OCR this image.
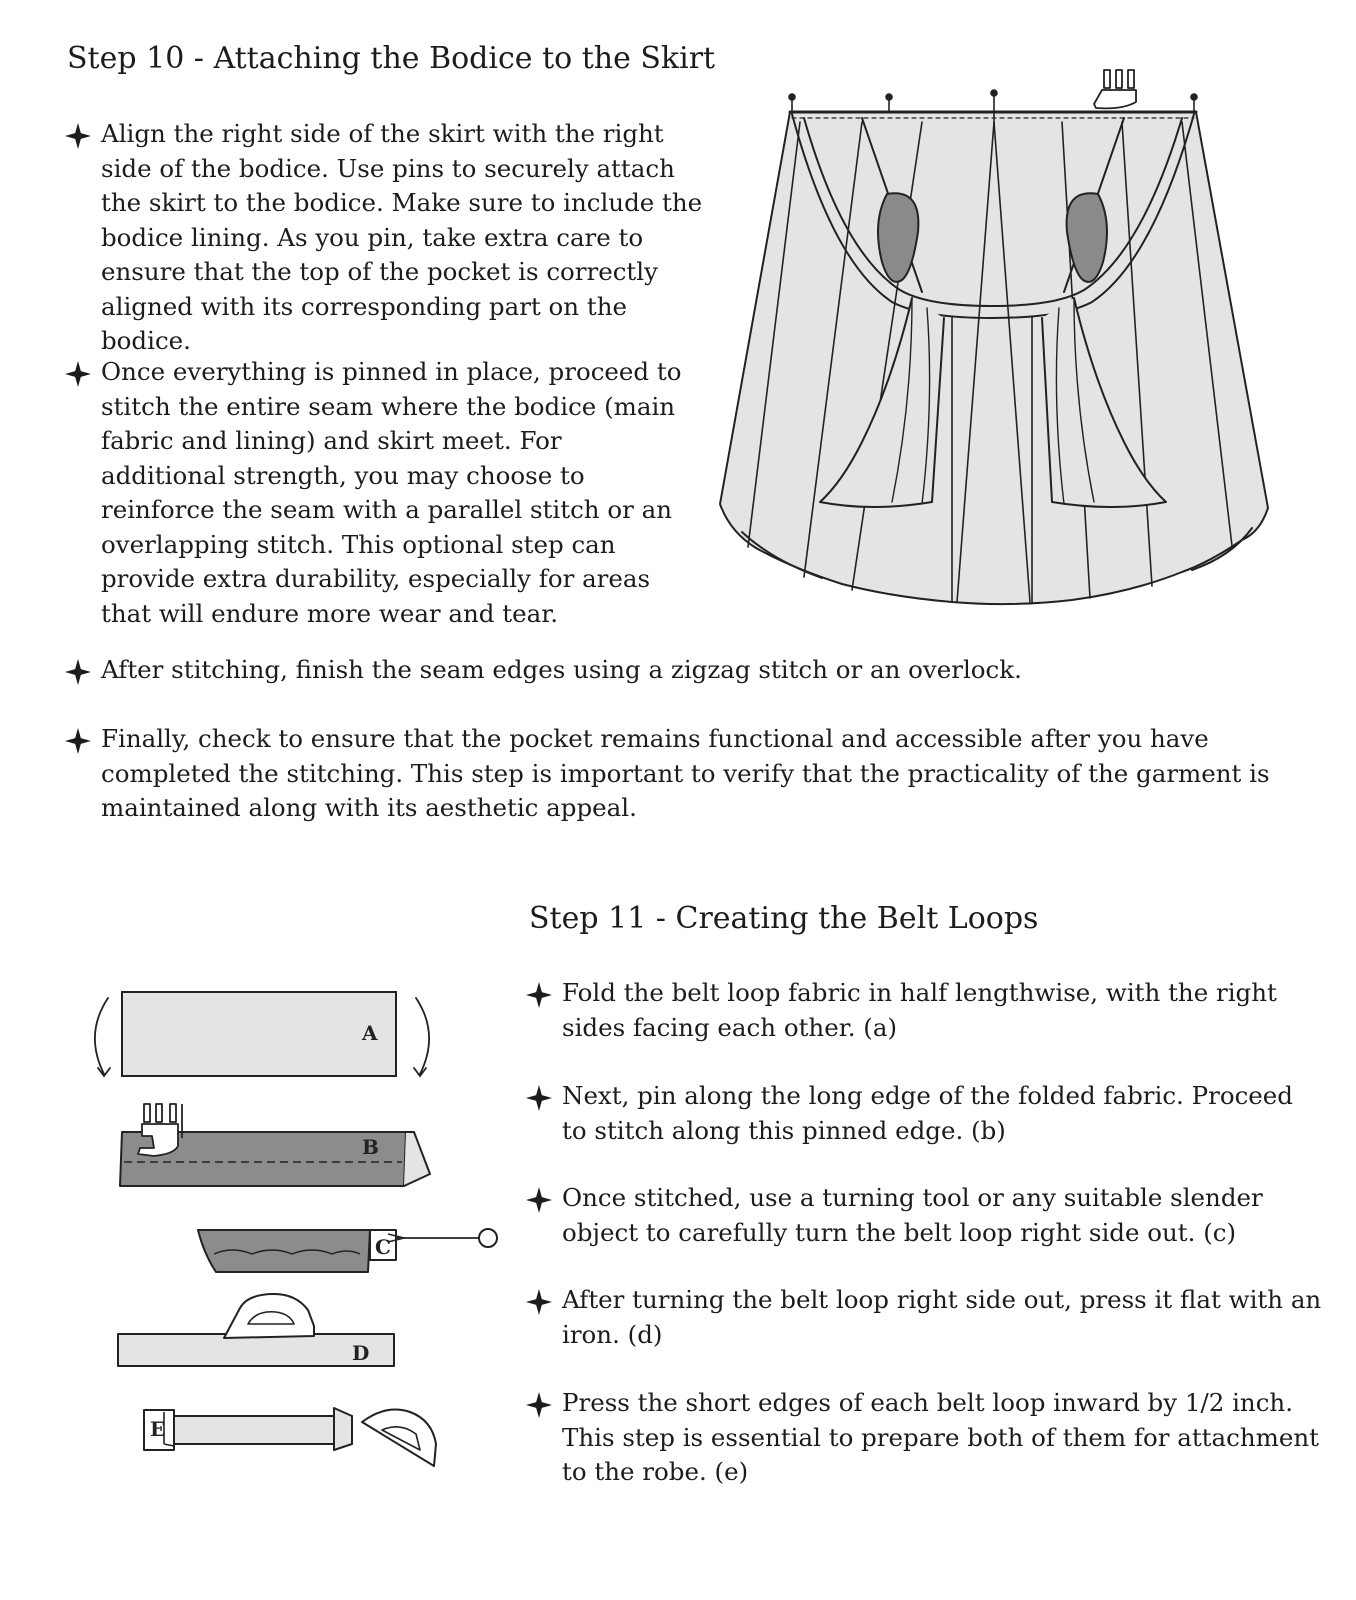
Step 10 - Attaching the Bodice to the Skirt

Align the right side of the skirt with the right side of the bodice. Use pins to securely attach the skirt to the bodice. Make sure to include the bodice lining. As you pin, take extra care to ensure that the top of the pocket is correctly aligned with its corresponding part on the bodice.

Once everything is pinned in place, proceed to stitch the entire seam where the bodice (main fabric and lining) and skirt meet. For additional strength, you may choose to reinforce the seam with a parallel stitch or an overlapping stitch. This optional step can provide extra durability, especially for areas that will endure more wear and tear.

After stitching, finish the seam edges using a zigzag stitch or an overlock.

Finally, check to ensure that the pocket remains functional and accessible after you have completed the stitching. This step is important to verify that the practicality of the garment is maintained along with its aesthetic appeal.

Step 11 - Creating the Belt Loops

Fold the belt loop fabric in half lengthwise, with the right sides facing each other. (a)

Next, pin along the long edge of the folded fabric. Proceed to stitch along this pinned edge. (b)

Once stitched, use a turning tool or any suitable slender object to carefully turn the belt loop right side out. (c)

After turning the belt loop right side out, press it flat with an iron. (d)

Press the short edges of each belt loop inward by 1/2 inch. This step is essential to prepare both of them for attachment to the robe. (e)

A
B
C
D
E
